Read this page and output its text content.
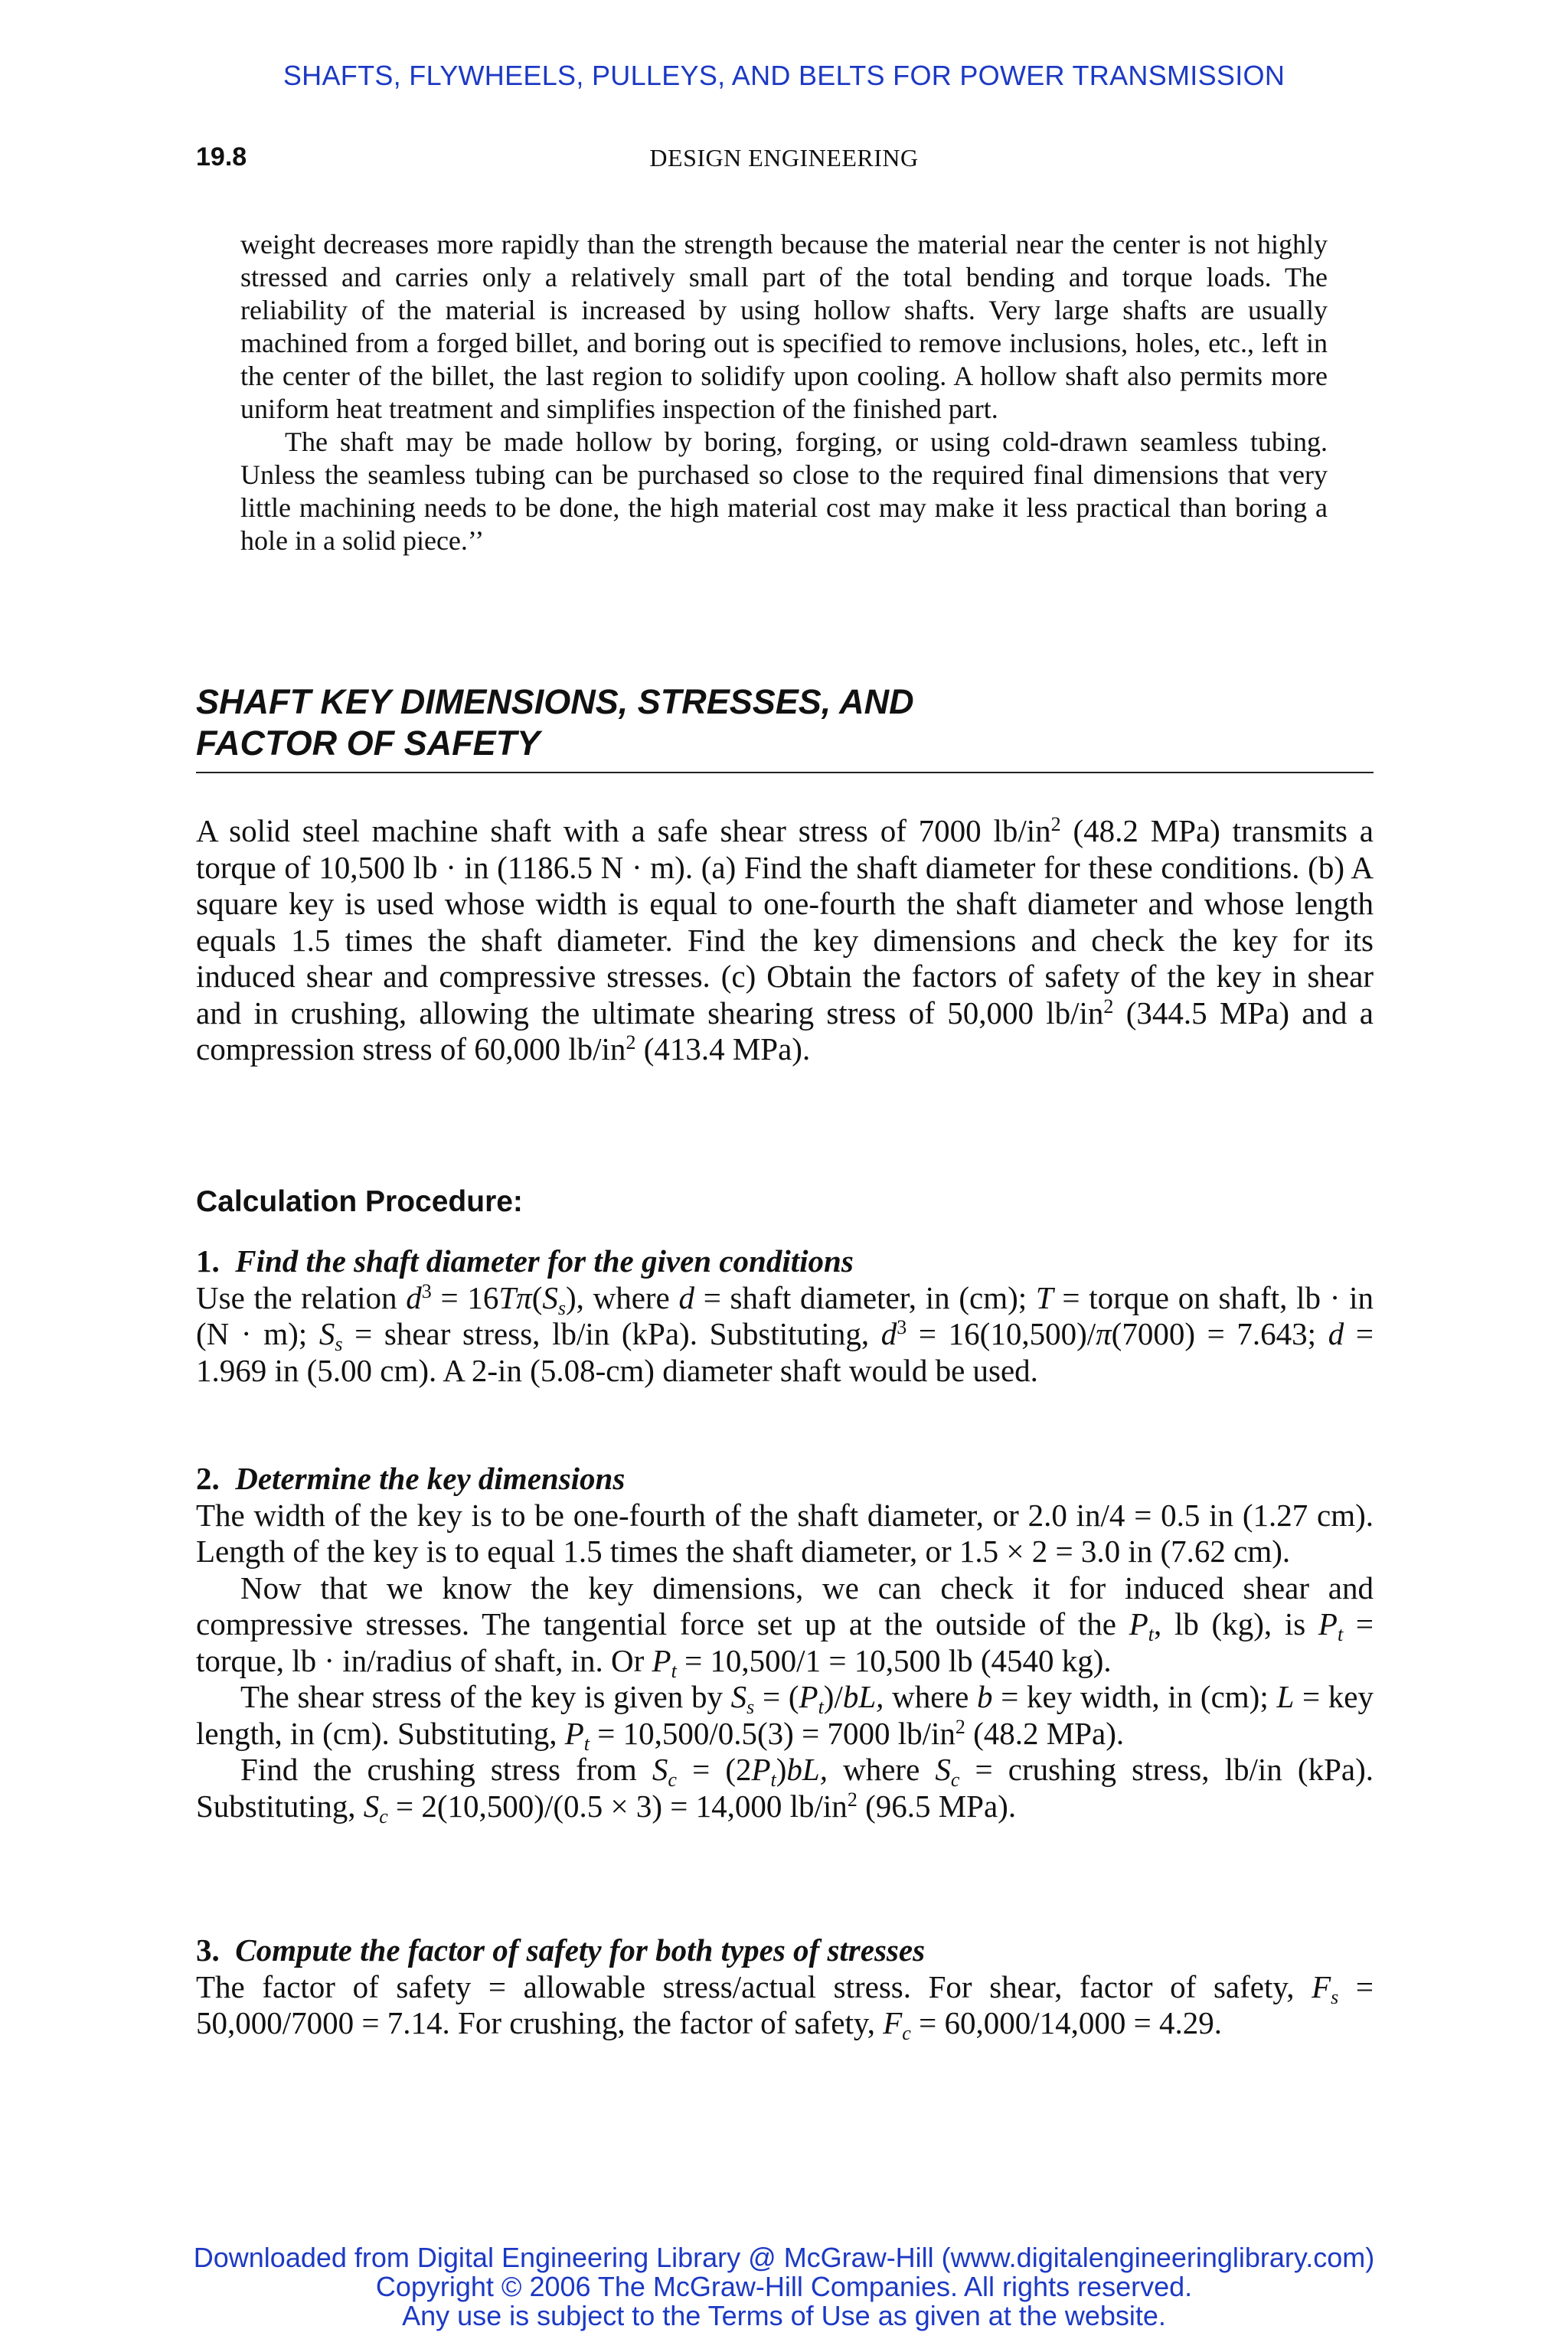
SHAFTS, FLYWHEELS, PULLEYS, AND BELTS FOR POWER TRANSMISSION
19.8	DESIGN ENGINEERING

weight decreases more rapidly than the strength because the material near the center is not highly stressed and carries only a relatively small part of the total bending and torque loads. The reliability of the material is increased by using hollow shafts. Very large shafts are usually machined from a forged billet, and boring out is specified to remove inclusions, holes, etc., left in the center of the billet, the last region to solidify upon cooling. A hollow shaft also permits more uniform heat treatment and simplifies inspection of the finished part.

The shaft may be made hollow by boring, forging, or using cold-drawn seamless tubing. Unless the seamless tubing can be purchased so close to the required final dimensions that very little machining needs to be done, the high material cost may make it less practical than boring a hole in a solid piece.’’

SHAFT KEY DIMENSIONS, STRESSES, AND
FACTOR OF SAFETY

A solid steel machine shaft with a safe shear stress of 7000 $lb/in^2$ (48.2 MPa) transmits a torque of 10,500 lb · in (1186.5 N · m). (a) Find the shaft diameter for these conditions. (b) A square key is used whose width is equal to one-fourth the shaft diameter and whose length equals 1.5 times the shaft diameter. Find the key dimensions and check the key for its induced shear and compressive stresses. (c) Obtain the factors of safety of the key in shear and in crushing, allowing the ultimate shearing stress of 50,000 $lb/in^2$ (344.5 MPa) and a compression stress of 60,000 $lb/in^2$ (413.4 MPa).

Calculation Procedure:

1. Find the shaft diameter for the given conditions

Use the relation $d^3 = 16T\pi(S_s)$, where d = shaft diameter, in (cm); T = torque on shaft, lb · in (N · m); $S_s$ = shear stress, lb/in (kPa). Substituting, $d^3 = 16(10,500)/\pi(7000) = 7.643$; d = 1.969 in (5.00 cm). A 2-in (5.08-cm) diameter shaft would be used.

2. Determine the key dimensions

The width of the key is to be one-fourth of the shaft diameter, or 2.0 in/4 = 0.5 in (1.27 cm). Length of the key is to equal 1.5 times the shaft diameter, or 1.5 × 2 = 3.0 in (7.62 cm).

Now that we know the key dimensions, we can check it for induced shear and compressive stresses. The tangential force set up at the outside of the $P_t$, lb (kg), is $P_t$ = torque, lb · in/radius of shaft, in. Or $P_t = 10,500/1 = 10,500$ lb (4540 kg).

The shear stress of the key is given by $S_s = (P_t)/bL$, where b = key width, in (cm); L = key length, in (cm). Substituting, $P_t = 10,500/0.5(3) = 7000$ $lb/in^2$ (48.2 MPa).

Find the crushing stress from $S_c = (2P_t)bL$, where $S_c$ = crushing stress, lb/in (kPa). Substituting, $S_c = 2(10,500)/(0.5 \times 3) = 14,000$ $lb/in^2$ (96.5 MPa).

3. Compute the factor of safety for both types of stresses

The factor of safety = allowable stress/actual stress. For shear, factor of safety, $F_s = 50,000/7000 = 7.14$. For crushing, the factor of safety, $F_c = 60,000/14,000 = 4.29$.

Downloaded from Digital Engineering Library @ McGraw-Hill (www.digitalengineeringlibrary.com)
Copyright © 2006 The McGraw-Hill Companies. All rights reserved.
Any use is subject to the Terms of Use as given at the website.
